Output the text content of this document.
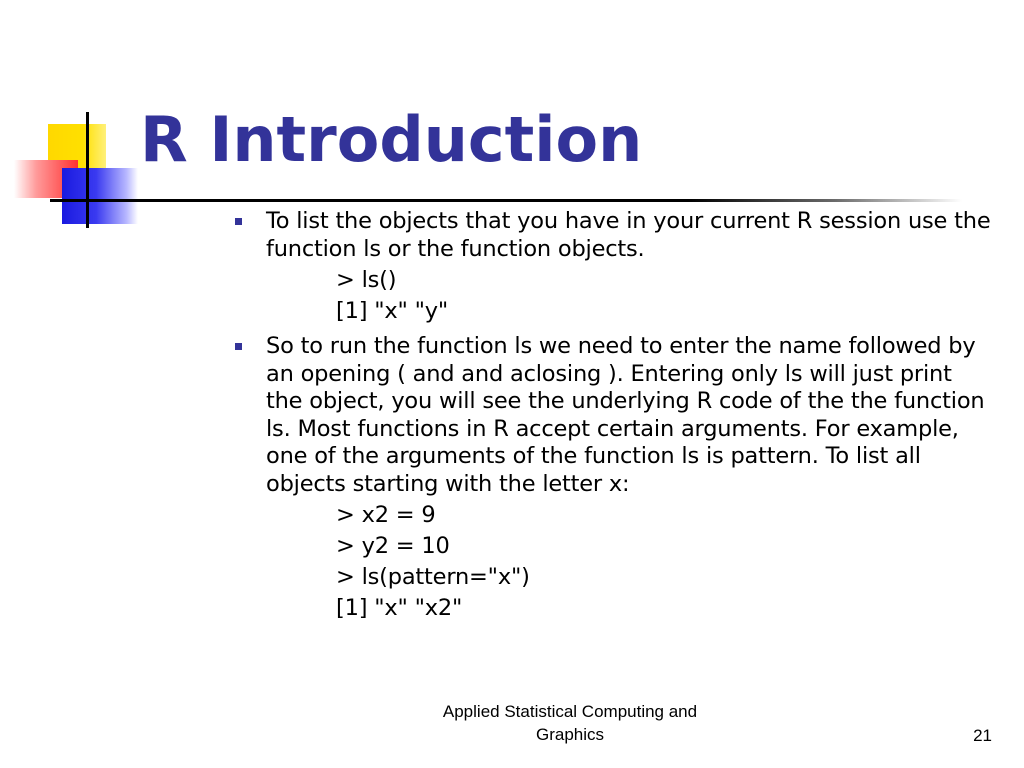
R Introduction
To list the objects that you have in your current R session use the function ls or the function objects.
> ls()
[1] "x" "y"
So to run the function ls we need to enter the name followed by an opening ( and and aclosing ). Entering only ls will just print the object, you will see the underlying R code of the the function ls. Most functions in R accept certain arguments. For example, one of the arguments of the function ls is pattern. To list all objects starting with the letter x:
> x2 = 9
> y2 = 10
> ls(pattern="x")
[1] "x" "x2"
Applied Statistical Computing and
Graphics	21
